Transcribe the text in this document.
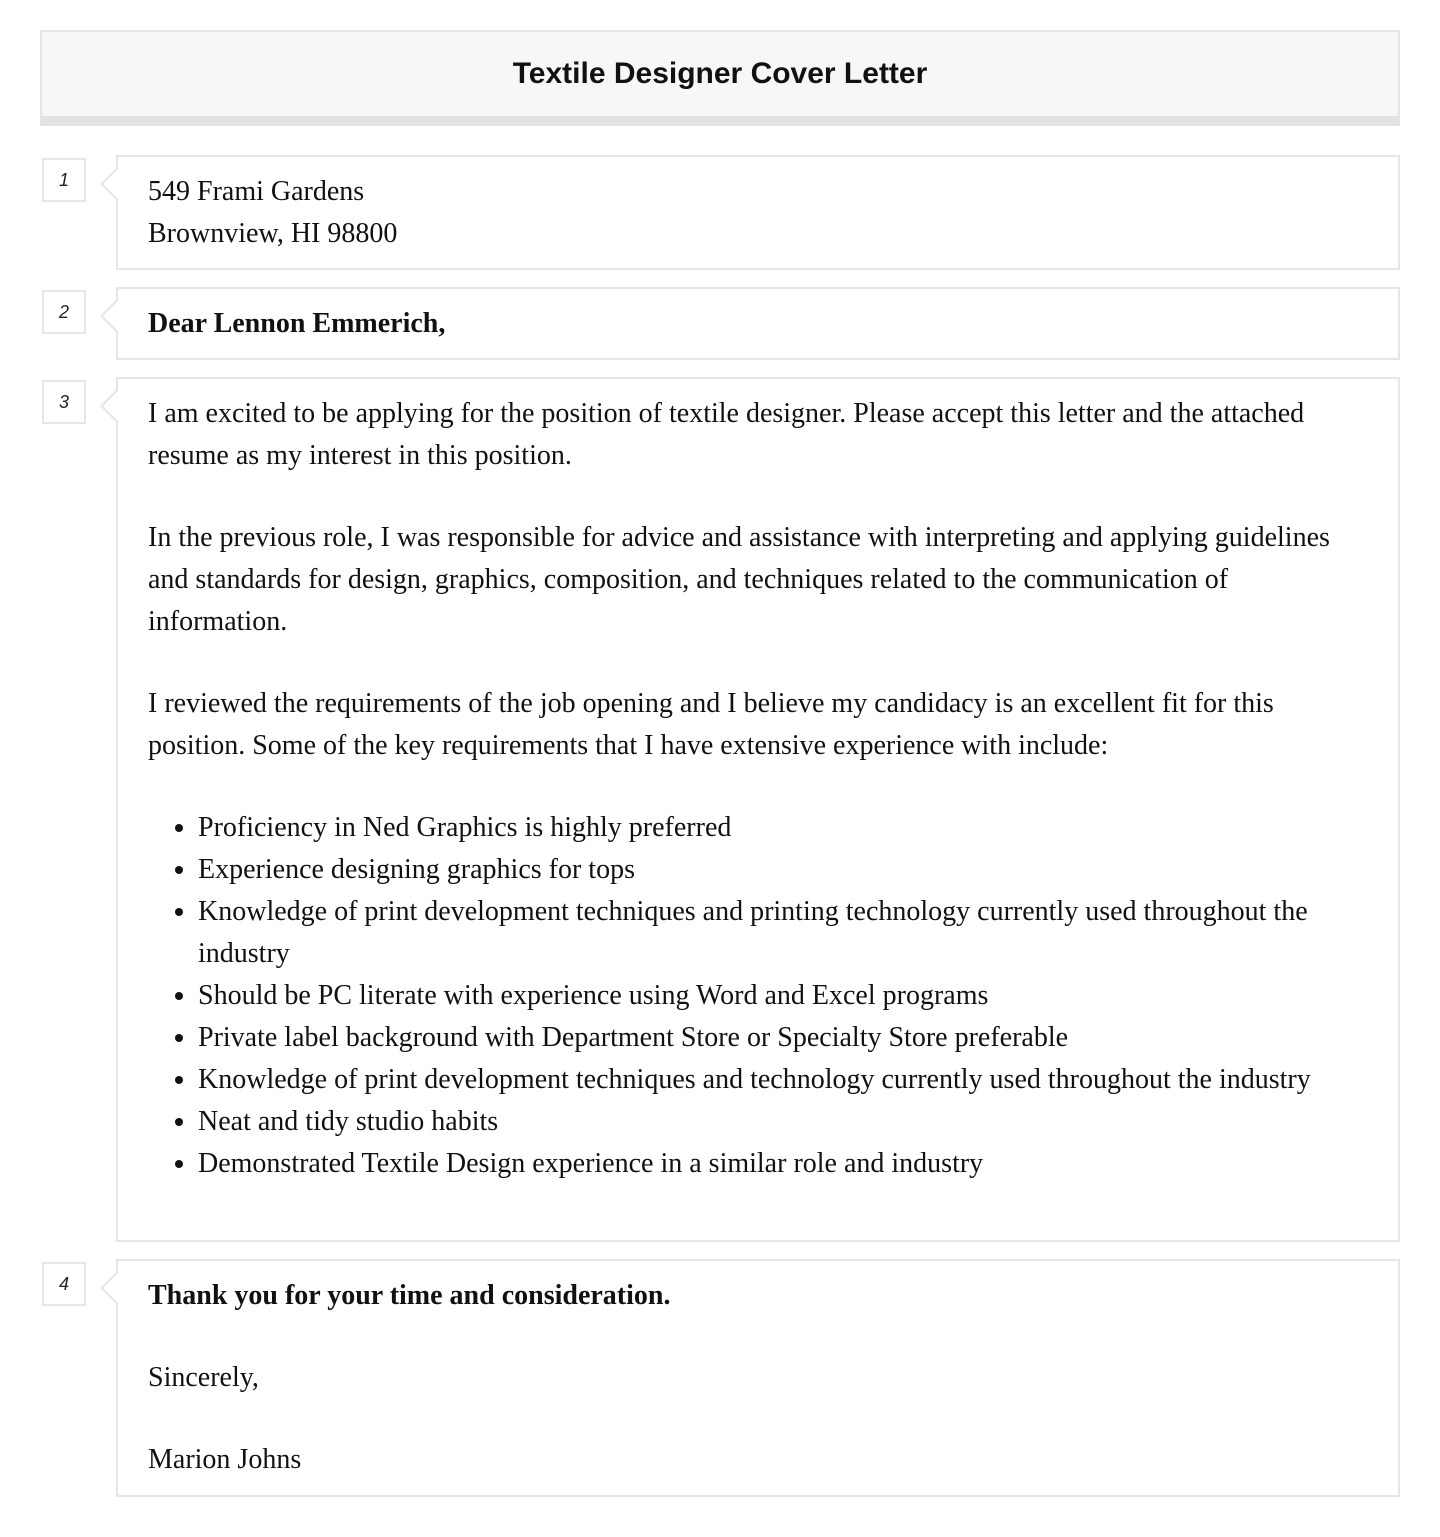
Textile Designer Cover Letter
1	549 Frami Gardens
Brownview, HI 98800
2	Dear Lennon Emmerich,
3	I am excited to be applying for the position of textile designer. Please accept this letter and the attached resume as my interest in this position.

In the previous role, I was responsible for advice and assistance with interpreting and applying guidelines and standards for design, graphics, composition, and techniques related to the communication of information.

I reviewed the requirements of the job opening and I believe my candidacy is an excellent fit for this position. Some of the key requirements that I have extensive experience with include:

• Proficiency in Ned Graphics is highly preferred
• Experience designing graphics for tops
• Knowledge of print development techniques and printing technology currently used throughout the industry
• Should be PC literate with experience using Word and Excel programs
• Private label background with Department Store or Specialty Store preferable
• Knowledge of print development techniques and technology currently used throughout the industry
• Neat and tidy studio habits
• Demonstrated Textile Design experience in a similar role and industry
4	Thank you for your time and consideration.
Sincerely,
Marion Johns
